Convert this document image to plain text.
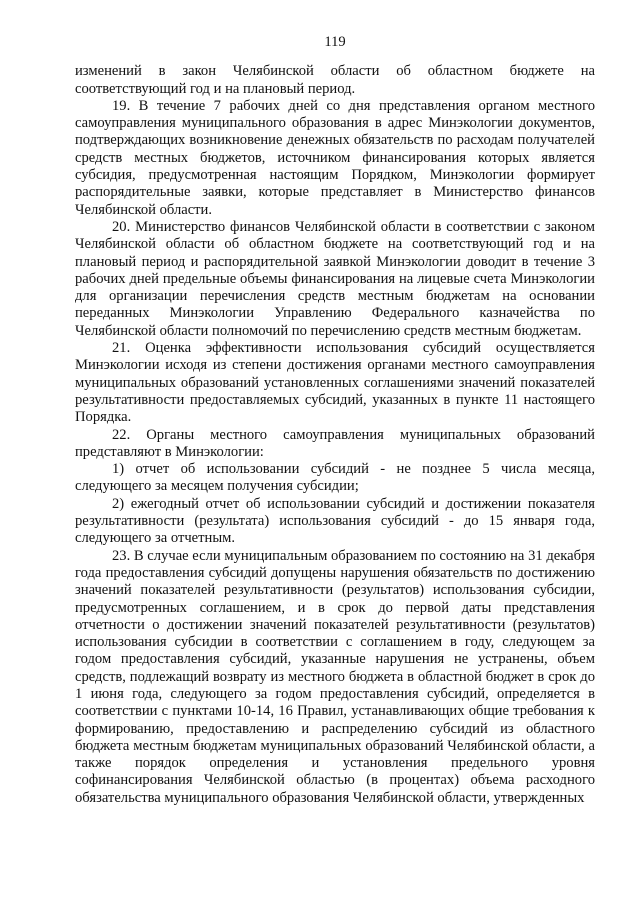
119

изменений в закон Челябинской области об областном бюджете на соответствующий год и на плановый период.

19. В течение 7 рабочих дней со дня представления органом местного самоуправления муниципального образования в адрес Минэкологии документов, подтверждающих возникновение денежных обязательств по расходам получателей средств местных бюджетов, источником финансирования которых является субсидия, предусмотренная настоящим Порядком, Минэкологии формирует распорядительные заявки, которые представляет в Министерство финансов Челябинской области.

20. Министерство финансов Челябинской области в соответствии с законом Челябинской области об областном бюджете на соответствующий год и на плановый период и распорядительной заявкой Минэкологии доводит в течение 3 рабочих дней предельные объемы финансирования на лицевые счета Минэкологии для организации перечисления средств местным бюджетам на основании переданных Минэкологии Управлению Федерального казначейства по Челябинской области полномочий по перечислению средств местным бюджетам.

21. Оценка эффективности использования субсидий осуществляется Минэкологии исходя из степени достижения органами местного самоуправления муниципальных образований установленных соглашениями значений показателей результативности предоставляемых субсидий, указанных в пункте 11 настоящего Порядка.

22. Органы местного самоуправления муниципальных образований представляют в Минэкологии:

1) отчет об использовании субсидий - не позднее 5 числа месяца, следующего за месяцем получения субсидии;

2) ежегодный отчет об использовании субсидий и достижении показателя результативности (результата) использования субсидий - до 15 января года, следующего за отчетным.

23. В случае если муниципальным образованием по состоянию на 31 декабря года предоставления субсидий допущены нарушения обязательств по достижению значений показателей результативности (результатов) использования субсидии, предусмотренных соглашением, и в срок до первой даты представления отчетности о достижении значений показателей результативности (результатов) использования субсидии в соответствии с соглашением в году, следующем за годом предоставления субсидий, указанные нарушения не устранены, объем средств, подлежащий возврату из местного бюджета в областной бюджет в срок до 1 июня года, следующего за годом предоставления субсидий, определяется в соответствии с пунктами 10-14, 16 Правил, устанавливающих общие требования к формированию, предоставлению и распределению субсидий из областного бюджета местным бюджетам муниципальных образований Челябинской области, а также порядок определения и установления предельного уровня софинансирования Челябинской областью (в процентах) объема расходного обязательства муниципального образования Челябинской области, утвержденных
